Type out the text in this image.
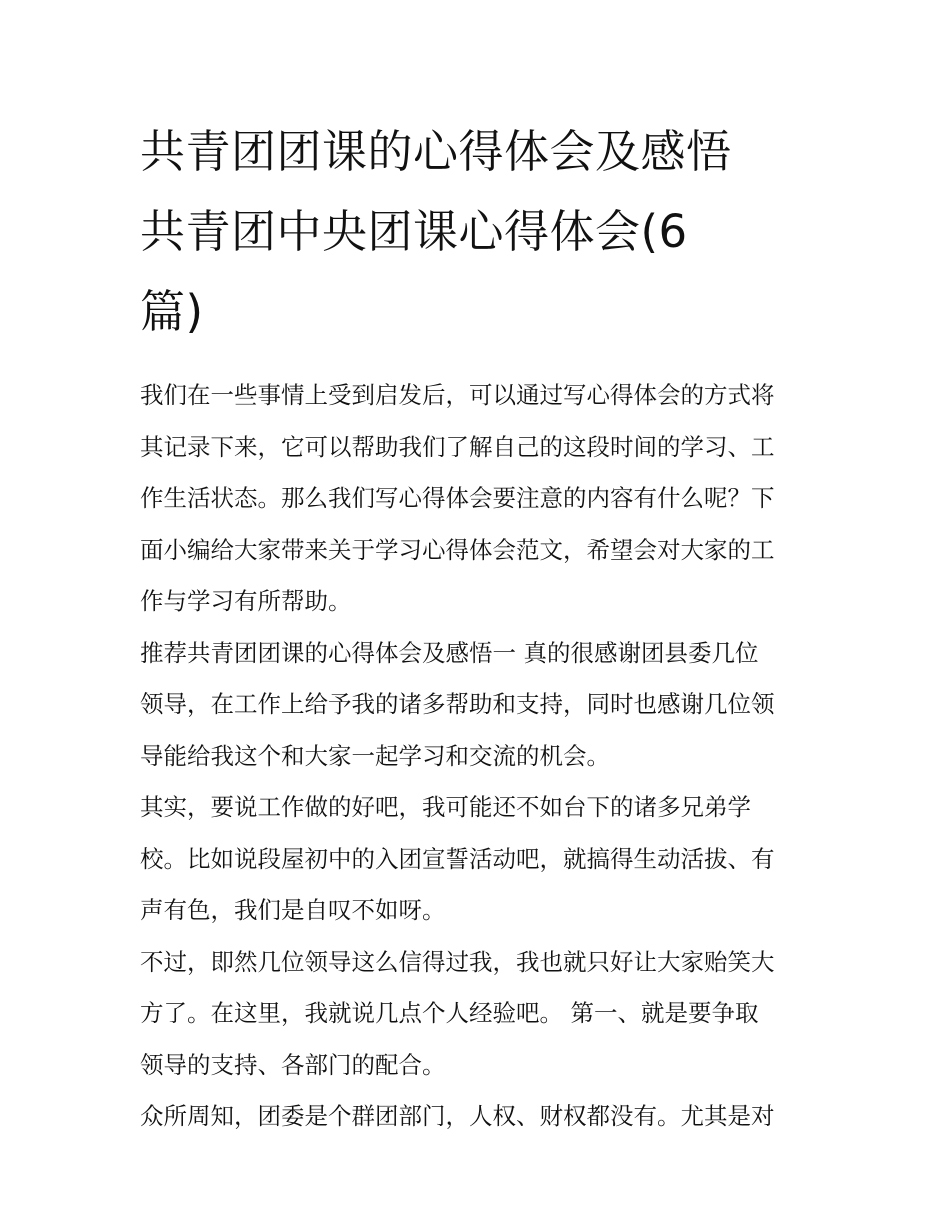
共青团团课的心得体会及感悟
共青团中央团课心得体会(6
篇)

我们在一些事情上受到启发后，可以通过写心得体会的方式将
其记录下来，它可以帮助我们了解自己的这段时间的学习、工
作生活状态。那么我们写心得体会要注意的内容有什么呢？下
面小编给大家带来关于学习心得体会范文，希望会对大家的工
作与学习有所帮助。

推荐共青团团课的心得体会及感悟一 真的很感谢团县委几位
领导，在工作上给予我的诸多帮助和支持，同时也感谢几位领
导能给我这个和大家一起学习和交流的机会。

其实，要说工作做的好吧，我可能还不如台下的诸多兄弟学
校。比如说段屋初中的入团宣誓活动吧，就搞得生动活拔、有
声有色，我们是自叹不如呀。

不过，即然几位领导这么信得过我，我也就只好让大家贻笑大
方了。在这里，我就说几点个人经验吧。 第一、就是要争取
领导的支持、各部门的配合。

众所周知，团委是个群团部门，人权、财权都没有。尤其是对
